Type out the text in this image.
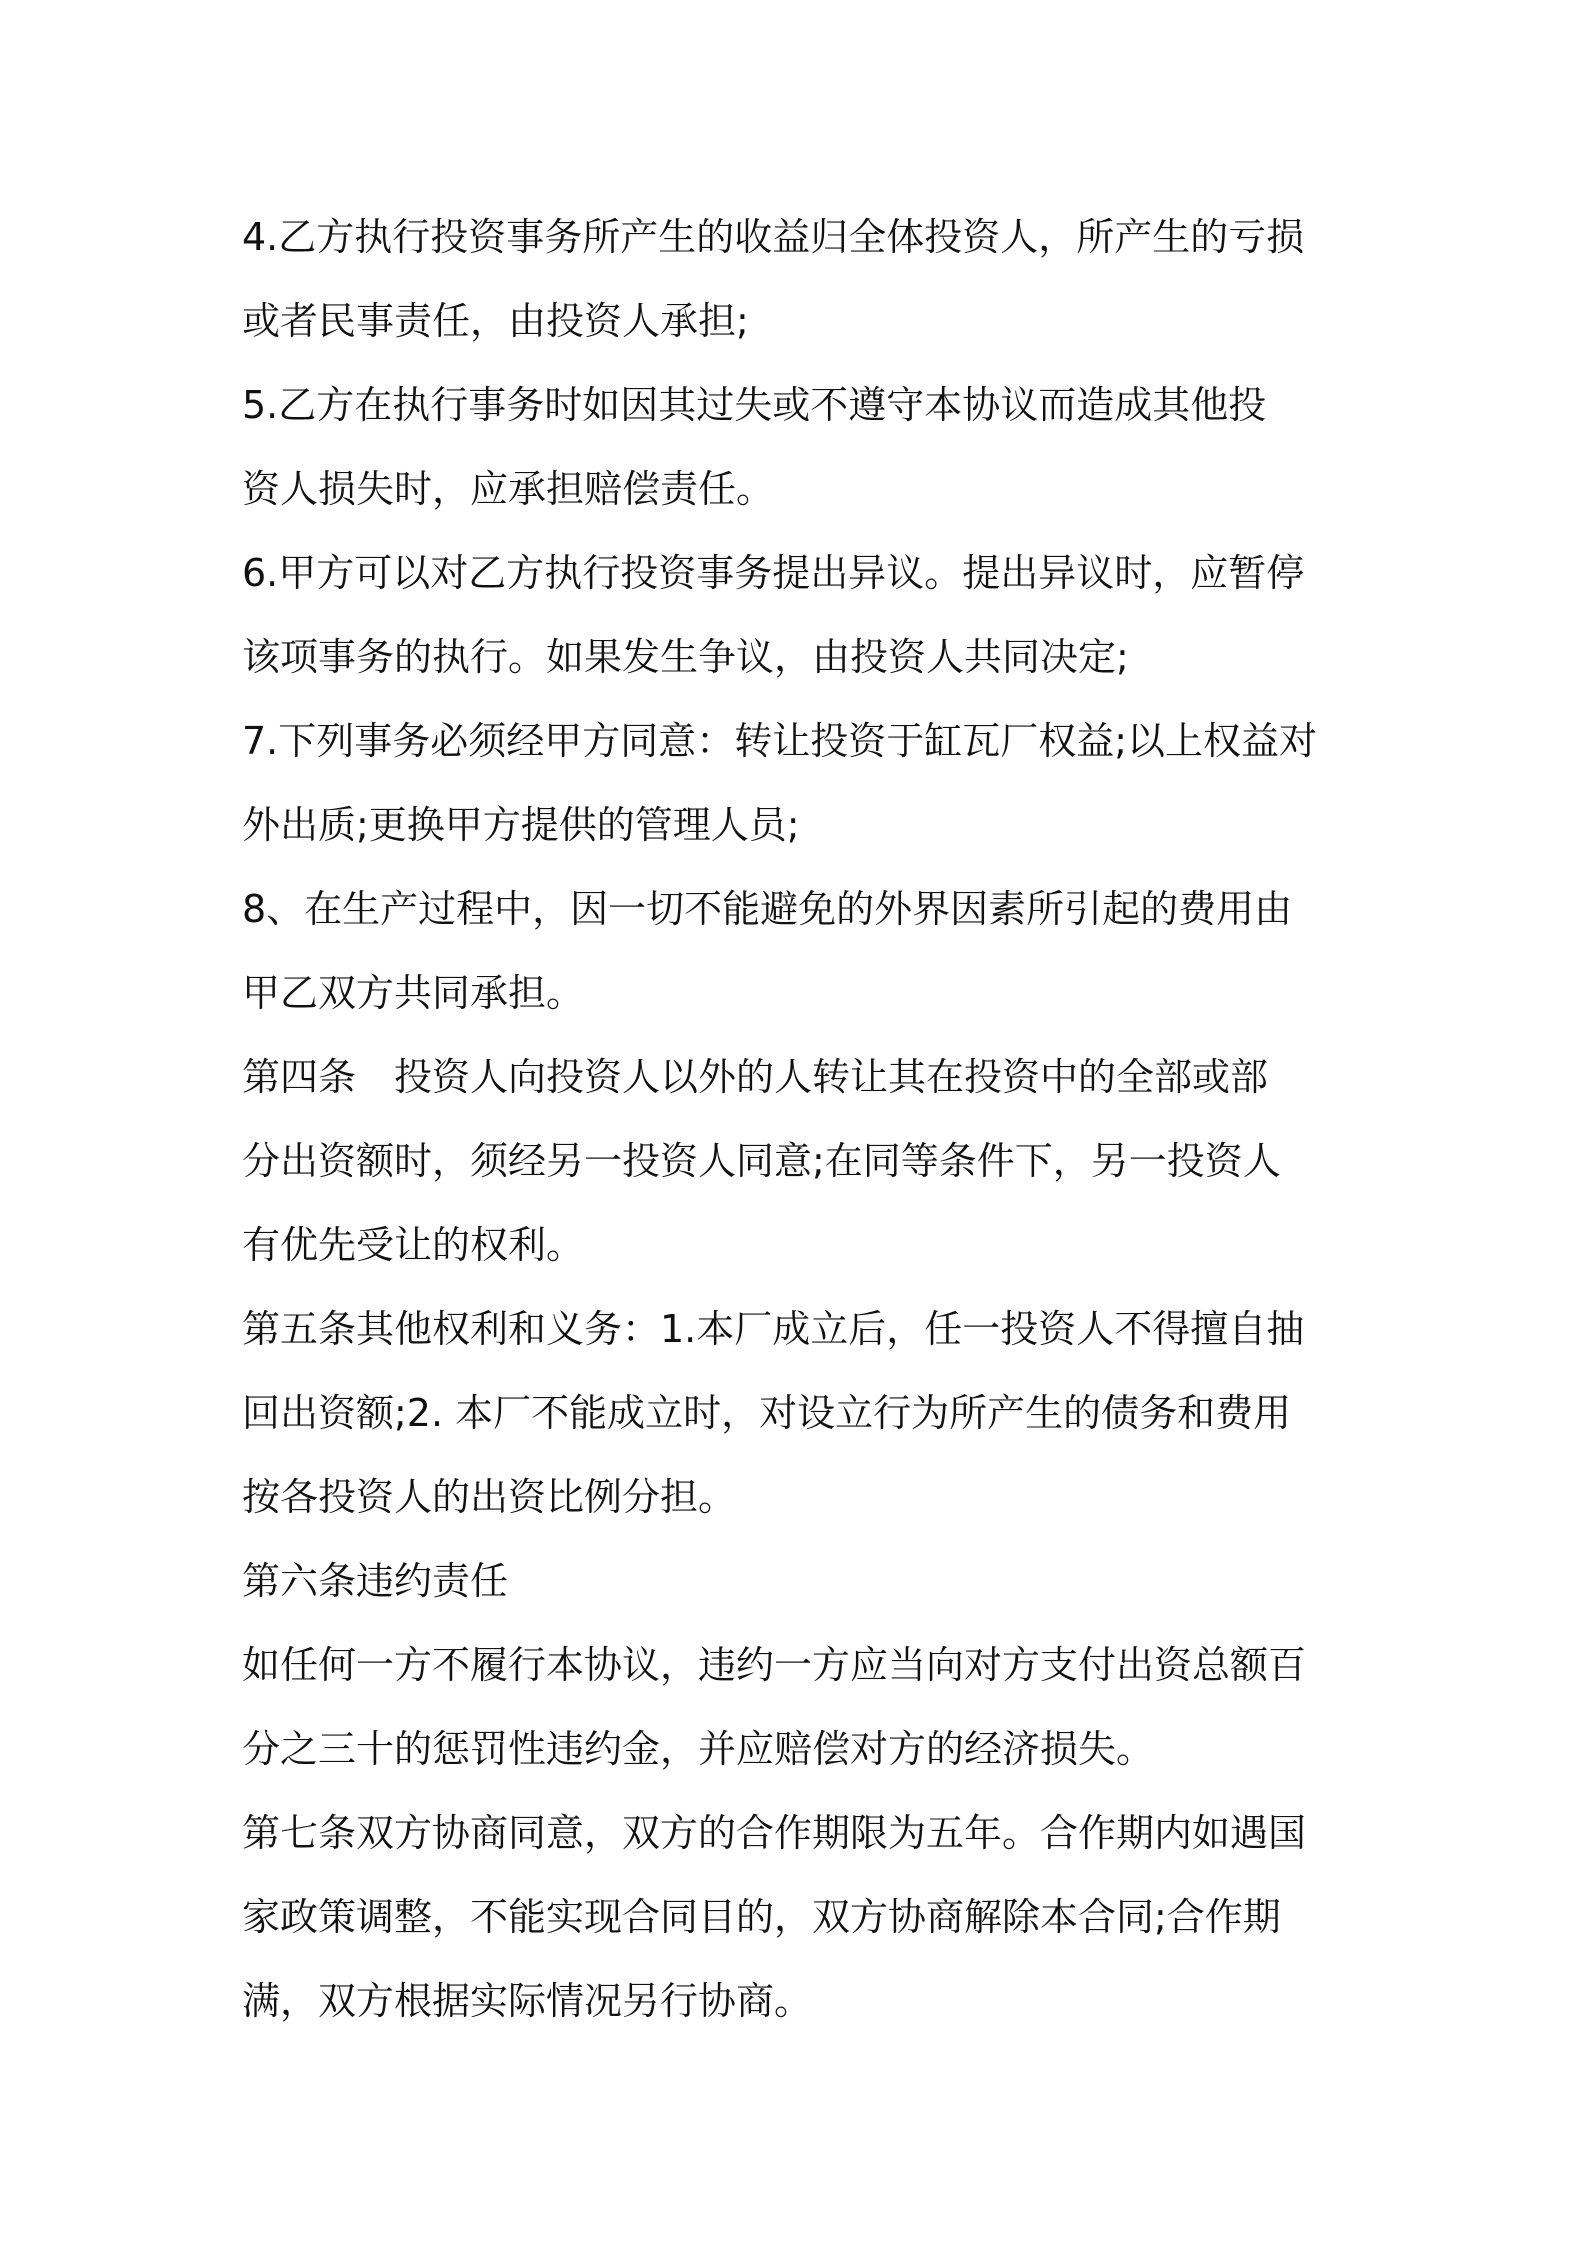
4.乙方执行投资事务所产生的收益归全体投资人，所产生的亏损
或者民事责任，由投资人承担;
5.乙方在执行事务时如因其过失或不遵守本协议而造成其他投
资人损失时，应承担赔偿责任。
6.甲方可以对乙方执行投资事务提出异议。提出异议时，应暂停
该项事务的执行。如果发生争议，由投资人共同决定;
7.下列事务必须经甲方同意：转让投资于缸瓦厂权益;以上权益对
外出质;更换甲方提供的管理人员;
8、在生产过程中，因一切不能避免的外界因素所引起的费用由
甲乙双方共同承担。
第四条　投资人向投资人以外的人转让其在投资中的全部或部
分出资额时，须经另一投资人同意;在同等条件下，另一投资人
有优先受让的权利。
第五条其他权利和义务：1.本厂成立后，任一投资人不得擅自抽
回出资额;2. 本厂不能成立时，对设立行为所产生的债务和费用
按各投资人的出资比例分担。
第六条违约责任
如任何一方不履行本协议，违约一方应当向对方支付出资总额百
分之三十的惩罚性违约金，并应赔偿对方的经济损失。
第七条双方协商同意，双方的合作期限为五年。合作期内如遇国
家政策调整，不能实现合同目的，双方协商解除本合同;合作期
满，双方根据实际情况另行协商。
